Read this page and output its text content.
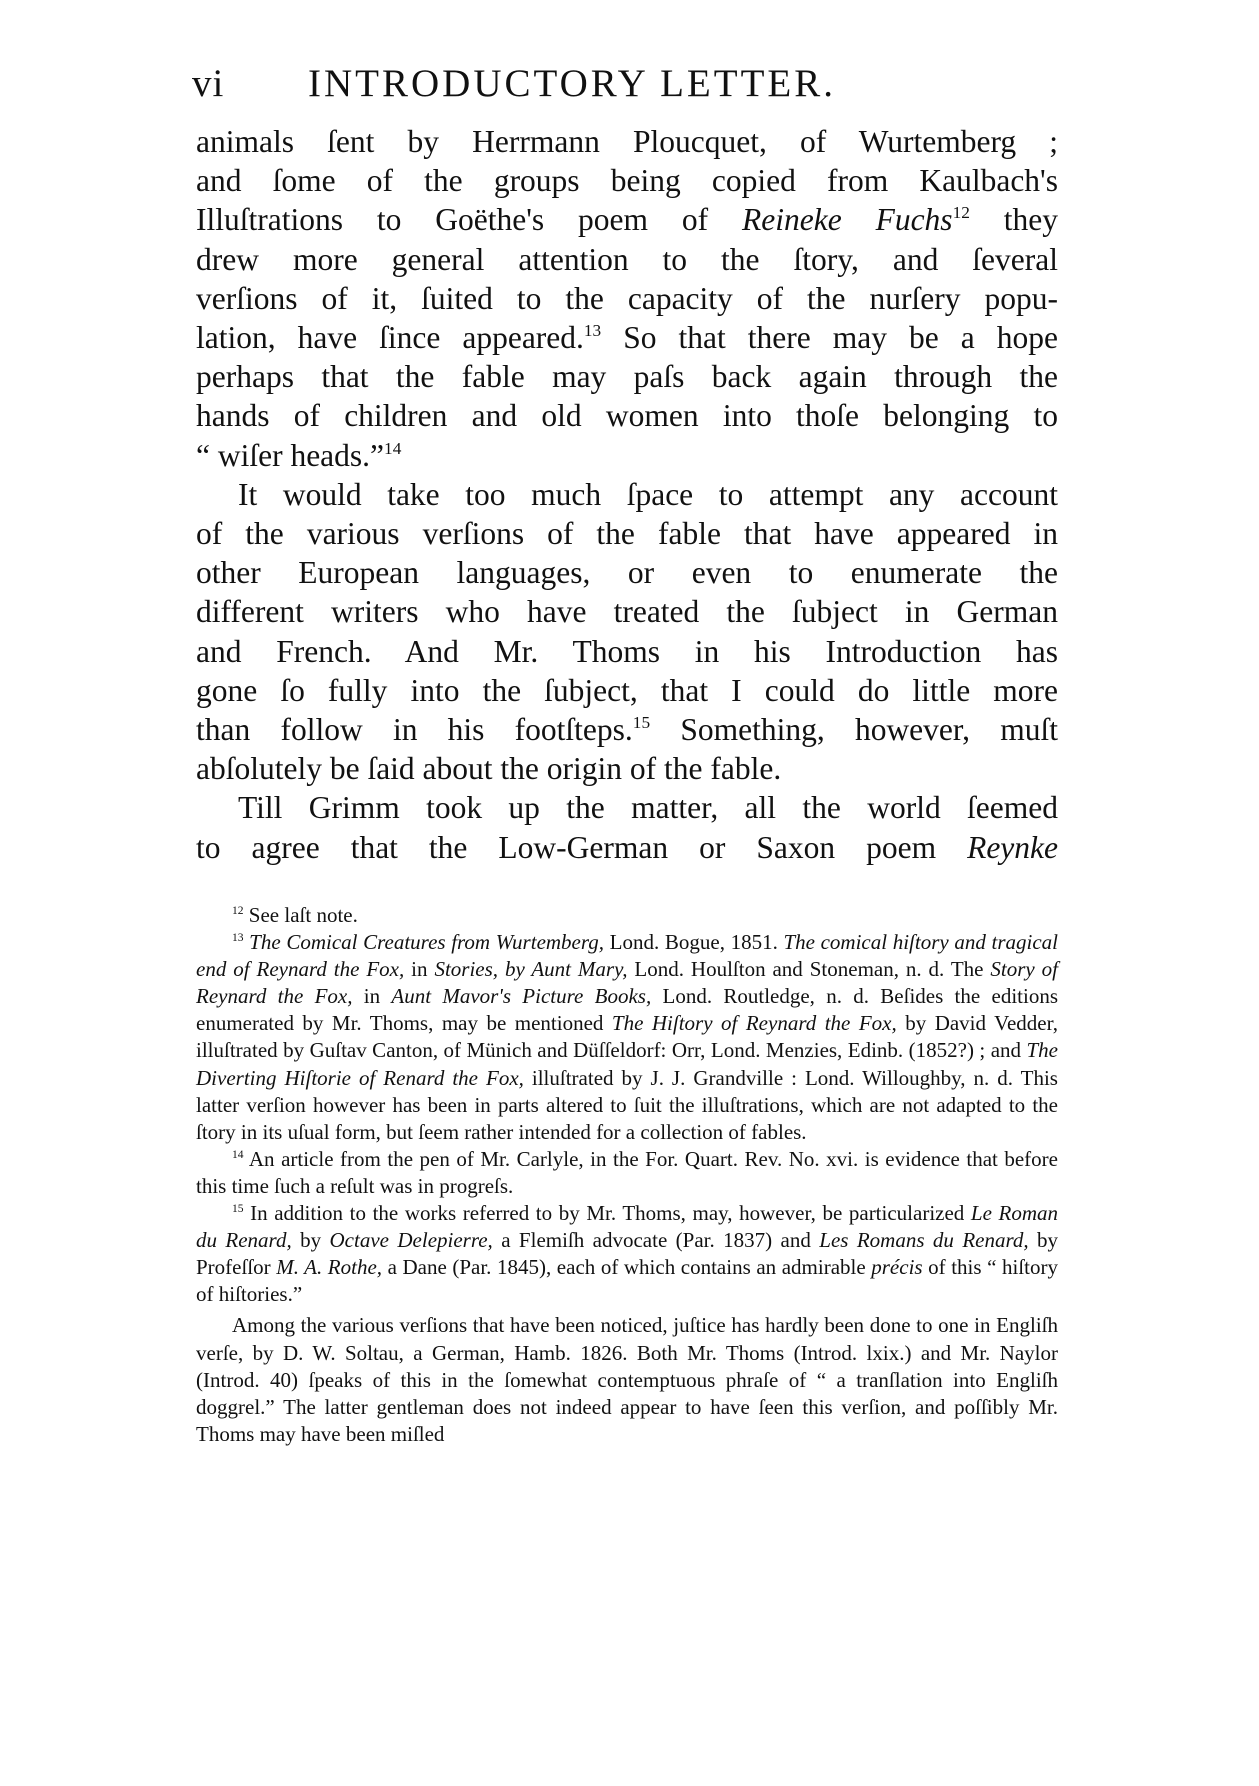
vi INTRODUCTORY LETTER.

animals ſent by Herrmann Ploucquet, of Wurtemberg ;

and ſome of the groups being copied from Kaulbach's

Illuſtrations to Goëthe's poem of Reineke Fuchs$^{12}$ they

drew more general attention to the ſtory, and ſeveral

verſions of it, ſuited to the capacity of the nurſery popu-

lation, have ſince appeared.$^{13}$ So that there may be a hope

perhaps that the fable may paſs back again through the

hands of children and old women into thoſe belonging to

“ wiſer heads.”$^{14}$

It would take too much ſpace to attempt any account

of the various verſions of the fable that have appeared in

other European languages, or even to enumerate the

different writers who have treated the ſubject in German

and French. And Mr. Thoms in his Introduction has

gone ſo fully into the ſubject, that I could do little more

than follow in his footſteps.$^{15}$ Something, however, muſt

abſolutely be ſaid about the origin of the fable.

Till Grimm took up the matter, all the world ſeemed

to agree that the Low-German or Saxon poem Reynke

$^{12}$ See laſt note.

$^{13}$ The Comical Creatures from Wurtemberg, Lond. Bogue, 1851. The comical hiſtory and tragical end of Reynard the Fox, in Stories, by Aunt Mary, Lond. Houlſton and Stoneman, n. d. The Story of Reynard the Fox, in Aunt Mavor's Picture Books, Lond. Routledge, n. d. Beſides the editions enumerated by Mr. Thoms, may be mentioned The Hiſtory of Reynard the Fox, by David Vedder, illuſtrated by Guſtav Canton, of Münich and Düſſeldorf: Orr, Lond. Menzies, Edinb. (1852?) ; and The Diverting Hiſtorie of Renard the Fox, illuſtrated by J. J. Grandville : Lond. Willoughby, n. d. This latter verſion however has been in parts altered to ſuit the illuſtrations, which are not adapted to the ſtory in its uſual form, but ſeem rather intended for a collection of fables.

$^{14}$ An article from the pen of Mr. Carlyle, in the For. Quart. Rev. No. xvi. is evidence that before this time ſuch a reſult was in progreſs.

$^{15}$ In addition to the works referred to by Mr. Thoms, may, however, be particularized Le Roman du Renard, by Octave Delepierre, a Flemiſh advocate (Par. 1837) and Les Romans du Renard, by Profeſſor M. A. Rothe, a Dane (Par. 1845), each of which contains an admirable précis of this “ hiſtory of hiſtories.”

Among the various verſions that have been noticed, juſtice has hardly been done to one in Engliſh verſe, by D. W. Soltau, a German, Hamb. 1826. Both Mr. Thoms (Introd. lxix.) and Mr. Naylor (Introd. 40) ſpeaks of this in the ſomewhat contemptuous phraſe of “ a tranſlation into Engliſh doggrel.” The latter gentleman does not indeed appear to have ſeen this verſion, and poſſibly Mr. Thoms may have been miſled
